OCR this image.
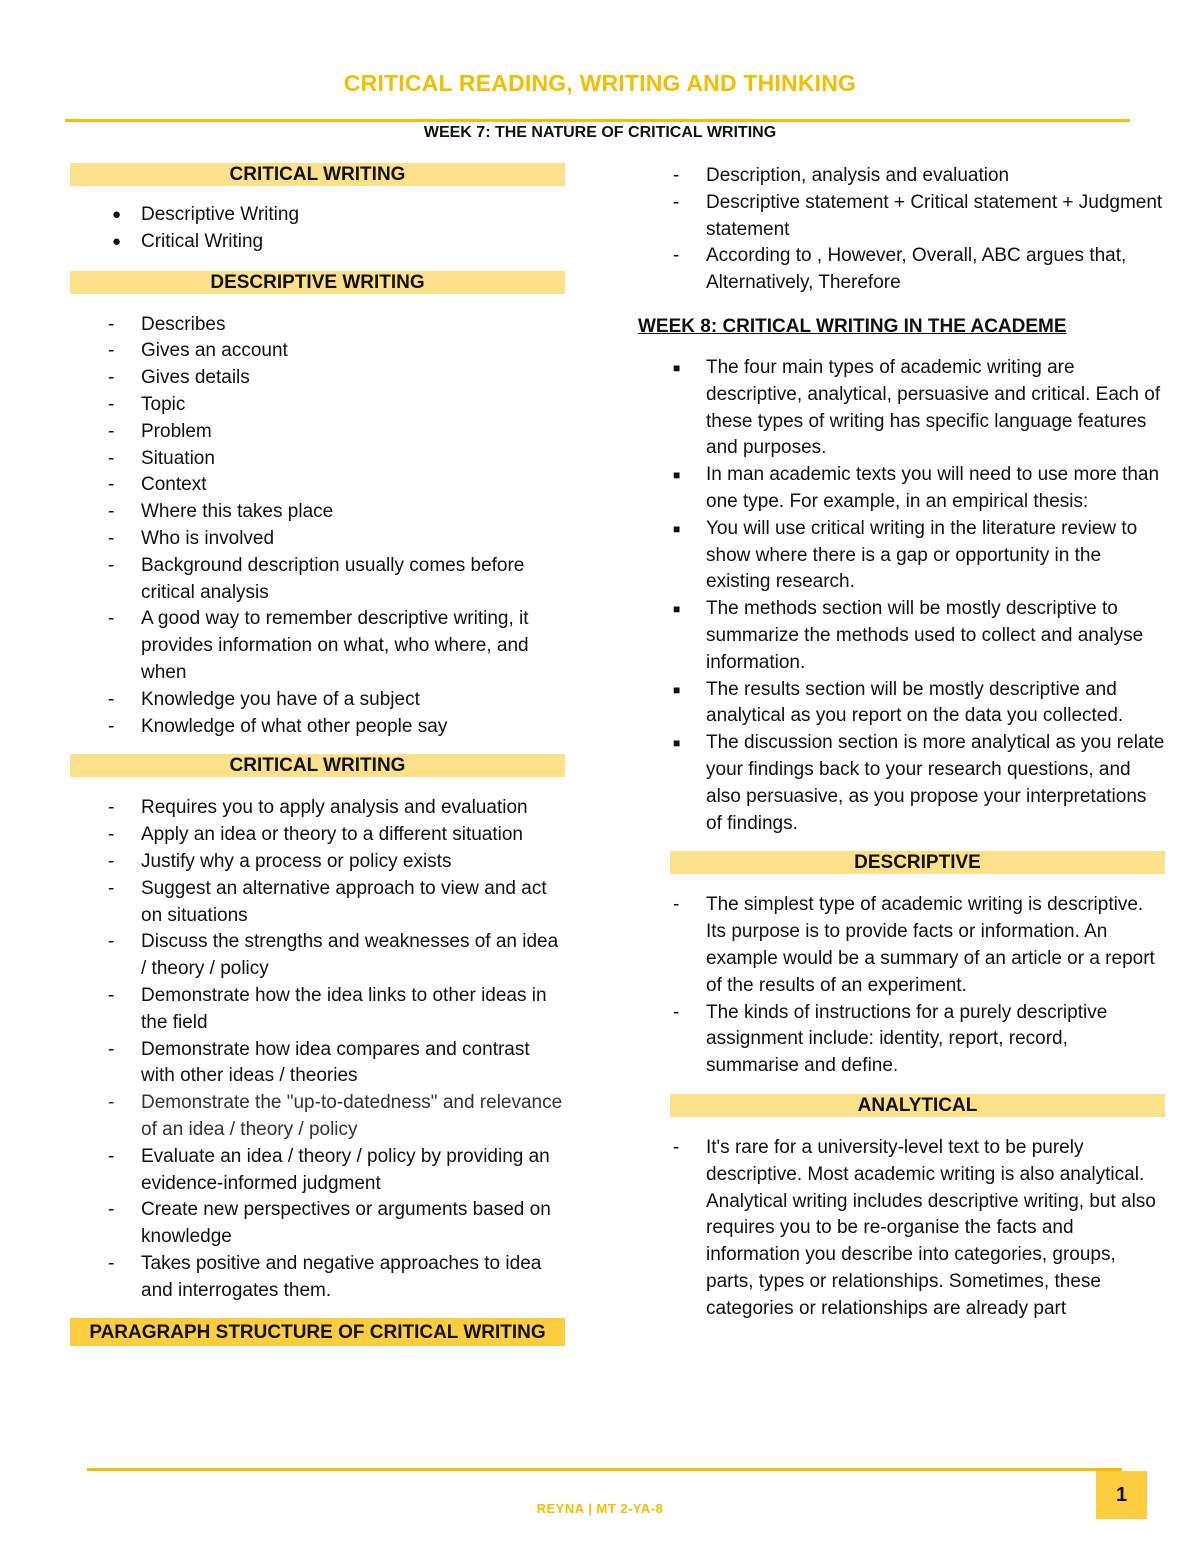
CRITICAL READING, WRITING AND THINKING
WEEK 7: THE NATURE OF CRITICAL WRITING
CRITICAL WRITING
● Descriptive Writing
● Critical Writing
DESCRIPTIVE WRITING
- Describes
- Gives an account
- Gives details
- Topic
- Problem
- Situation
- Context
- Where this takes place
- Who is involved
- Background description usually comes before critical analysis
- A good way to remember descriptive writing, it provides information on what, who where, and when
- Knowledge you have of a subject
- Knowledge of what other people say
CRITICAL WRITING
- Requires you to apply analysis and evaluation
- Apply an idea or theory to a different situation
- Justify why a process or policy exists
- Suggest an alternative approach to view and act on situations
- Discuss the strengths and weaknesses of an idea / theory / policy
- Demonstrate how the idea links to other ideas in the field
- Demonstrate how idea compares and contrast with other ideas / theories
- Demonstrate the "up-to-datedness" and relevance of an idea / theory / policy
- Evaluate an idea / theory / policy by providing an evidence-informed judgment
- Create new perspectives or arguments based on knowledge
- Takes positive and negative approaches to idea and interrogates them.
PARAGRAPH STRUCTURE OF CRITICAL WRITING
- Description, analysis and evaluation
- Descriptive statement + Critical statement + Judgment statement
- According to , However, Overall, ABC argues that, Alternatively, Therefore
WEEK 8: CRITICAL WRITING IN THE ACADEME
■ The four main types of academic writing are descriptive, analytical, persuasive and critical. Each of these types of writing has specific language features and purposes.
■ In man academic texts you will need to use more than one type. For example, in an empirical thesis:
■ You will use critical writing in the literature review to show where there is a gap or opportunity in the existing research.
■ The methods section will be mostly descriptive to summarize the methods used to collect and analyse information.
■ The results section will be mostly descriptive and analytical as you report on the data you collected.
■ The discussion section is more analytical as you relate your findings back to your research questions, and also persuasive, as you propose your interpretations of findings.
DESCRIPTIVE
- The simplest type of academic writing is descriptive. Its purpose is to provide facts or information. An example would be a summary of an article or a report of the results of an experiment.
- The kinds of instructions for a purely descriptive assignment include: identity, report, record, summarise and define.
ANALYTICAL
- It's rare for a university-level text to be purely descriptive. Most academic writing is also analytical. Analytical writing includes descriptive writing, but also requires you to be re-organise the facts and information you describe into categories, groups, parts, types or relationships. Sometimes, these categories or relationships are already part
REYNA | MT 2-YA-8
1
